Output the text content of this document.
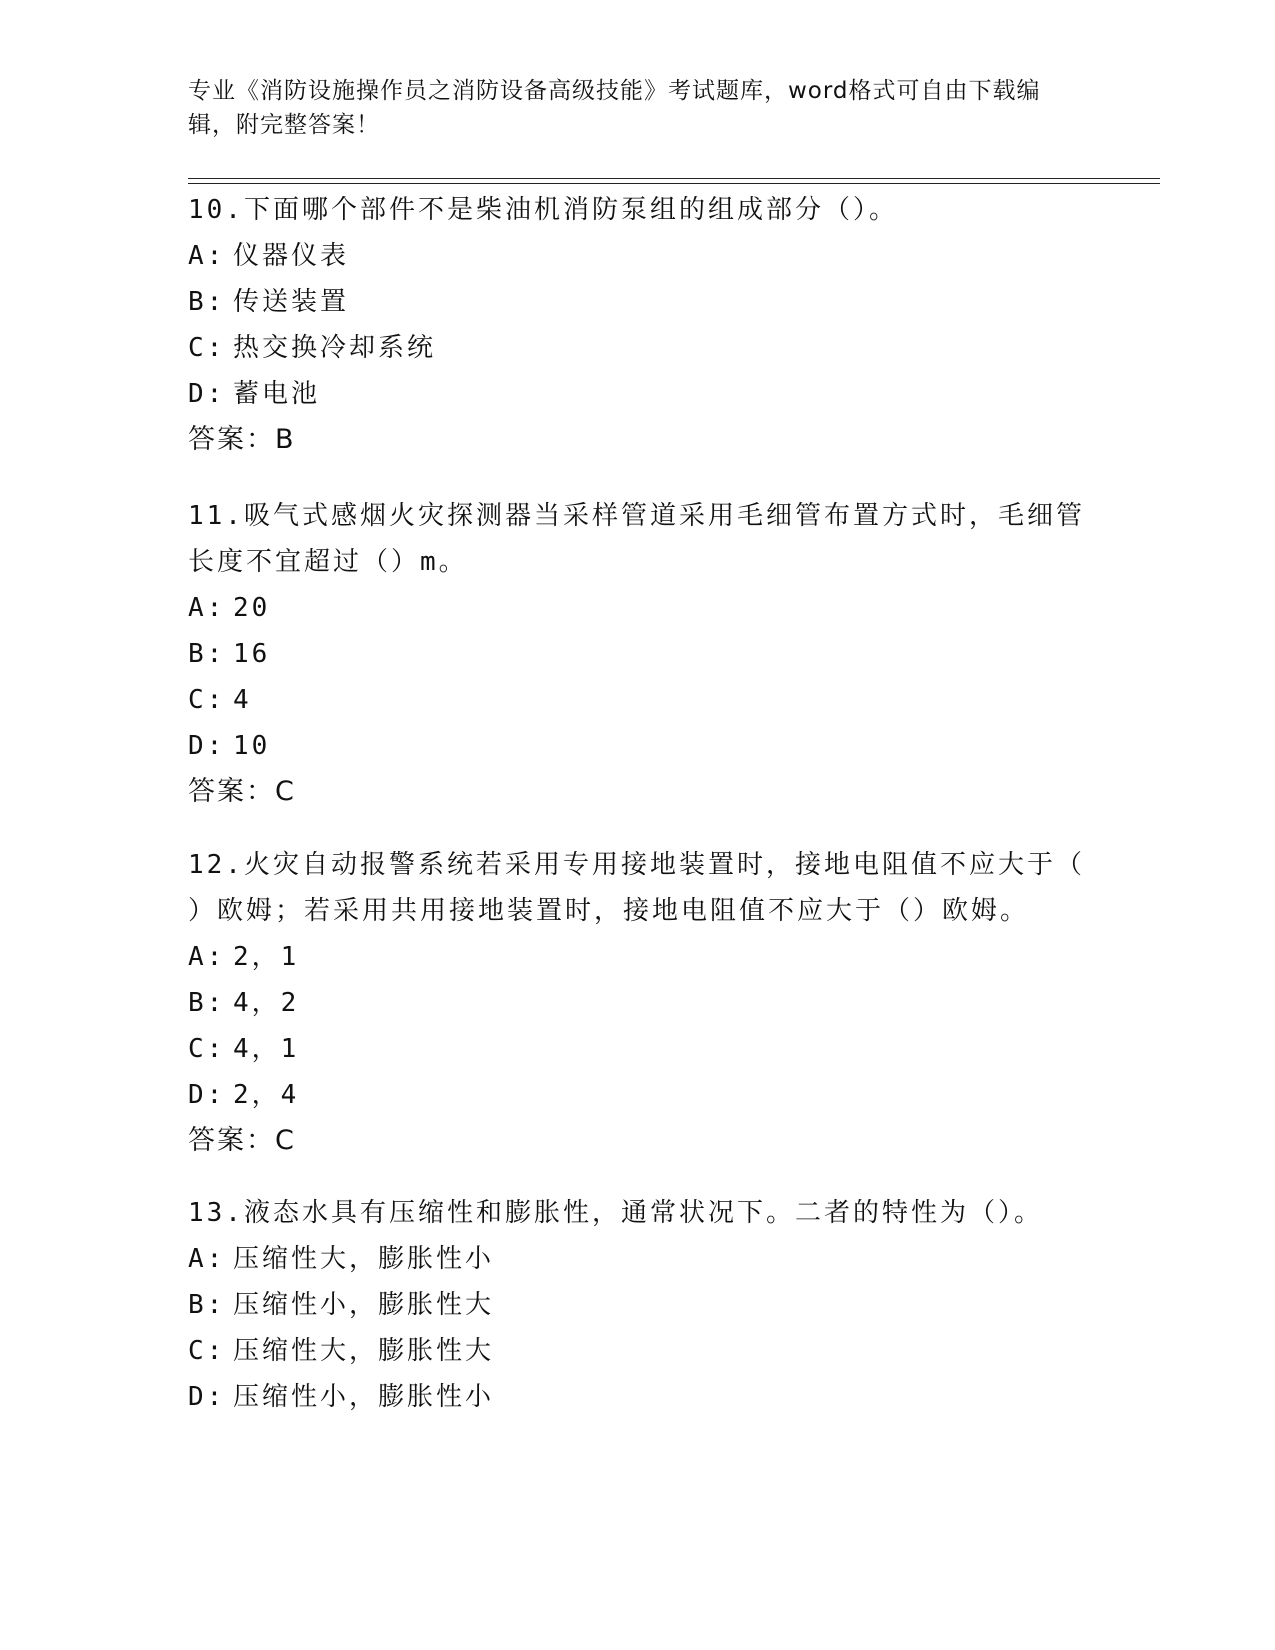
专业《消防设施操作员之消防设备高级技能》考试题库，word格式可自由下载编
辑，附完整答案！

10.下面哪个部件不是柴油机消防泵组的组成部分（）。

A: 仪器仪表
B: 传送装置
C: 热交换冷却系统
D: 蓄电池

答案：B

11.吸气式感烟火灾探测器当采样管道采用毛细管布置方式时，毛细管

长度不宜超过（）m。

A: 20
B: 16
C: 4
D: 10

答案：C

12.火灾自动报警系统若采用专用接地装置时，接地电阻值不应大于（

）欧姆；若采用共用接地装置时，接地电阻值不应大于（）欧姆。

A: 2，1
B: 4，2
C: 4，1
D: 2，4

答案：C

13.液态水具有压缩性和膨胀性，通常状况下。二者的特性为（）。

A: 压缩性大，膨胀性小
B: 压缩性小，膨胀性大
C: 压缩性大，膨胀性大
D: 压缩性小，膨胀性小
